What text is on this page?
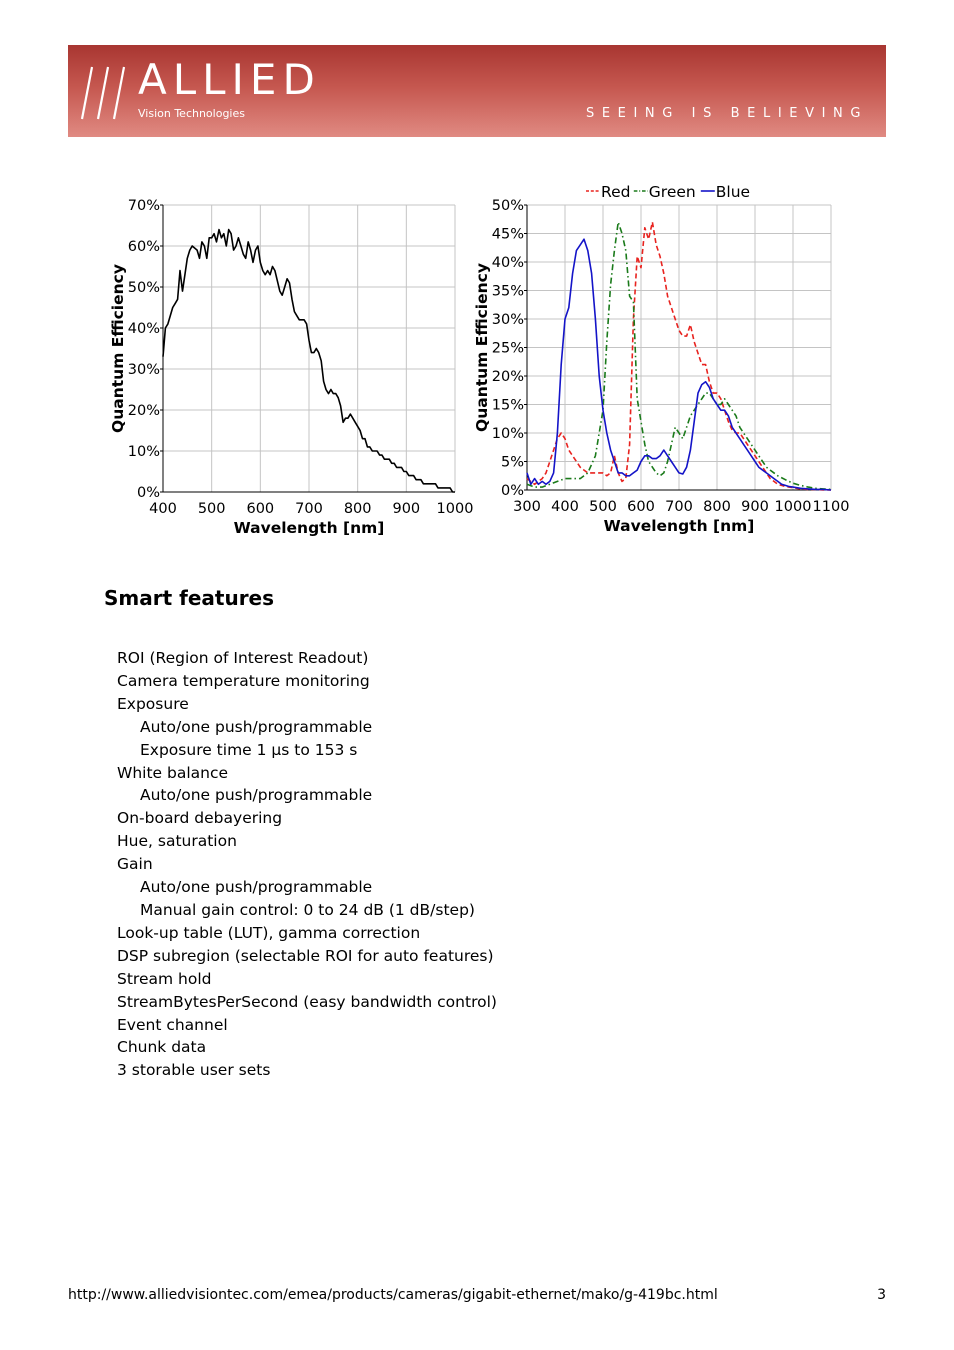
ALLIED
Vision Technologies	SEEING IS BELIEVING
0%
10%
20%
30%
40%
50%
60%
70%
400 500 600 700 800 900 1000
Wavelength [nm]
Quantum Efficiency
0%
5%
10%
15%
20%
25%
30%
35%
40%
45%
50%
300 400 500 600 700 800 900 1000 1100
Wavelength [nm]
Quantum Efficiency
Red Green Blue
Smart features
ROI (Region of Interest Readout)
Camera temperature monitoring
Exposure
Auto/one push/programmable
Exposure time 1 µs to 153 s
White balance
Auto/one push/programmable
On-board debayering
Hue, saturation
Gain
Auto/one push/programmable
Manual gain control: 0 to 24 dB (1 dB/step)
Look-up table (LUT), gamma correction
DSP subregion (selectable ROI for auto features)
Stream hold
StreamBytesPerSecond (easy bandwidth control)
Event channel
Chunk data
3 storable user sets
http://www.alliedvisiontec.com/emea/products/cameras/gigabit-ethernet/mako/g-419bc.html	3
